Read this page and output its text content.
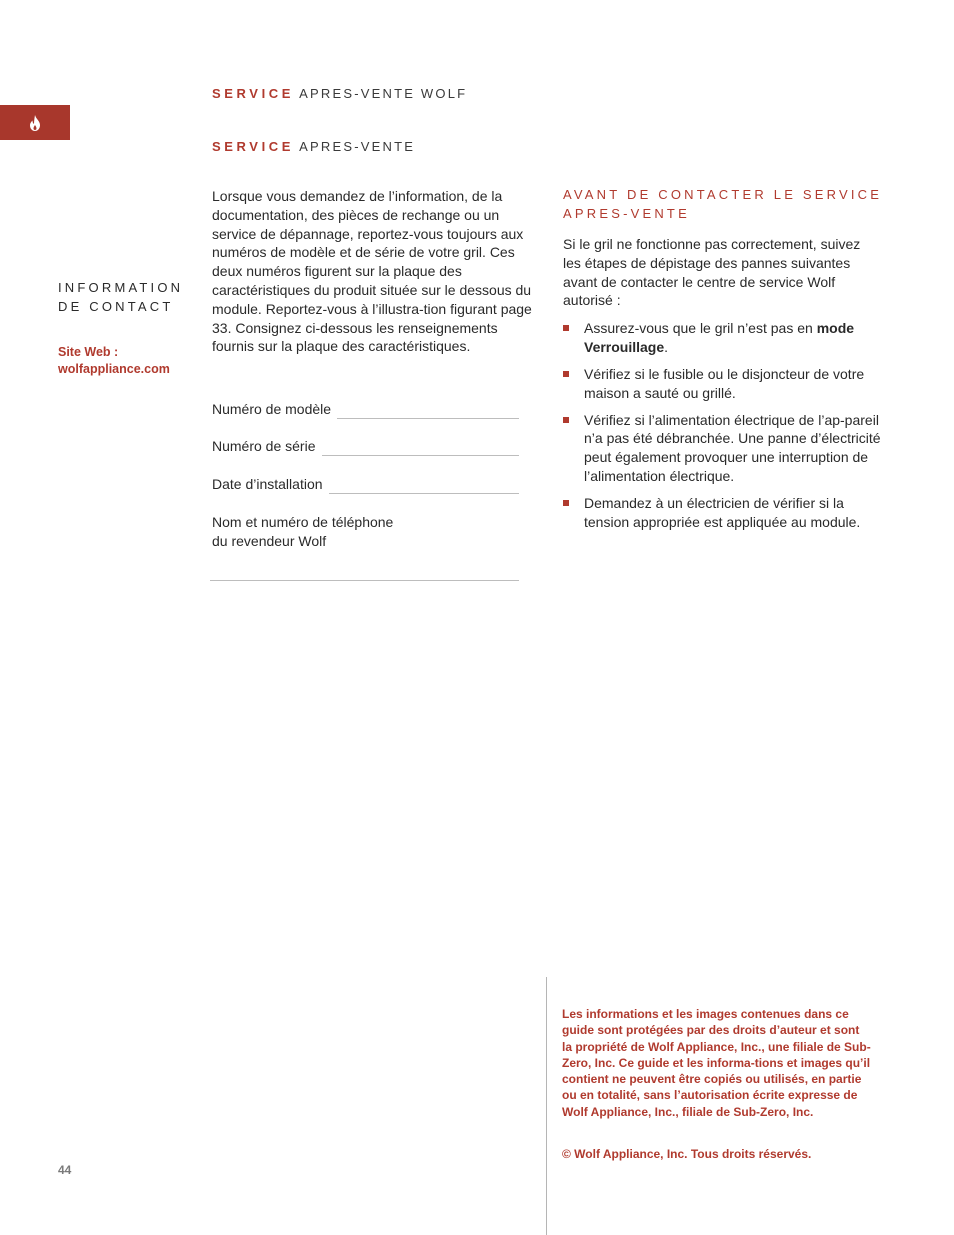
SERVICE APRES-VENTE WOLF
SERVICE APRES-VENTE
INFORMATION
DE CONTACT
Site Web :
wolfappliance.com
Lorsque vous demandez de l’information, de la documentation, des pièces de rechange ou un service de dépannage, reportez-vous toujours aux numéros de modèle et de série de votre gril. Ces deux numéros figurent sur la plaque des caractéristiques du produit située sur le dessous du module. Reportez-vous à l’illustra-tion figurant page 33. Consignez ci-dessous les renseignements fournis sur la plaque des caractéristiques.
Numéro de modèle
Numéro de série
Date d’installation
Nom et numéro de téléphone
du revendeur Wolf
AVANT DE CONTACTER LE SERVICE
APRES-VENTE
Si le gril ne fonctionne pas correctement, suivez les étapes de dépistage des pannes suivantes avant de contacter le centre de service Wolf autorisé :
Assurez-vous que le gril n’est pas en mode Verrouillage.
Vérifiez si le fusible ou le disjoncteur de votre maison a sauté ou grillé.
Vérifiez si l’alimentation électrique de l’ap-pareil n’a pas été débranchée. Une panne d’électricité peut également provoquer une interruption de l’alimentation électrique.
Demandez à un électricien de vérifier si la tension appropriée est appliquée au module.
Les informations et les images contenues dans ce guide sont protégées par des droits d’auteur et sont la propriété de Wolf Appliance, Inc., une filiale de Sub-Zero, Inc. Ce guide et les informa-tions et images qu’il contient ne peuvent être copiés ou utilisés, en partie ou en totalité, sans l’autorisation écrite expresse de Wolf Appliance, Inc., filiale de Sub-Zero, Inc.
© Wolf Appliance, Inc. Tous droits réservés.
44
